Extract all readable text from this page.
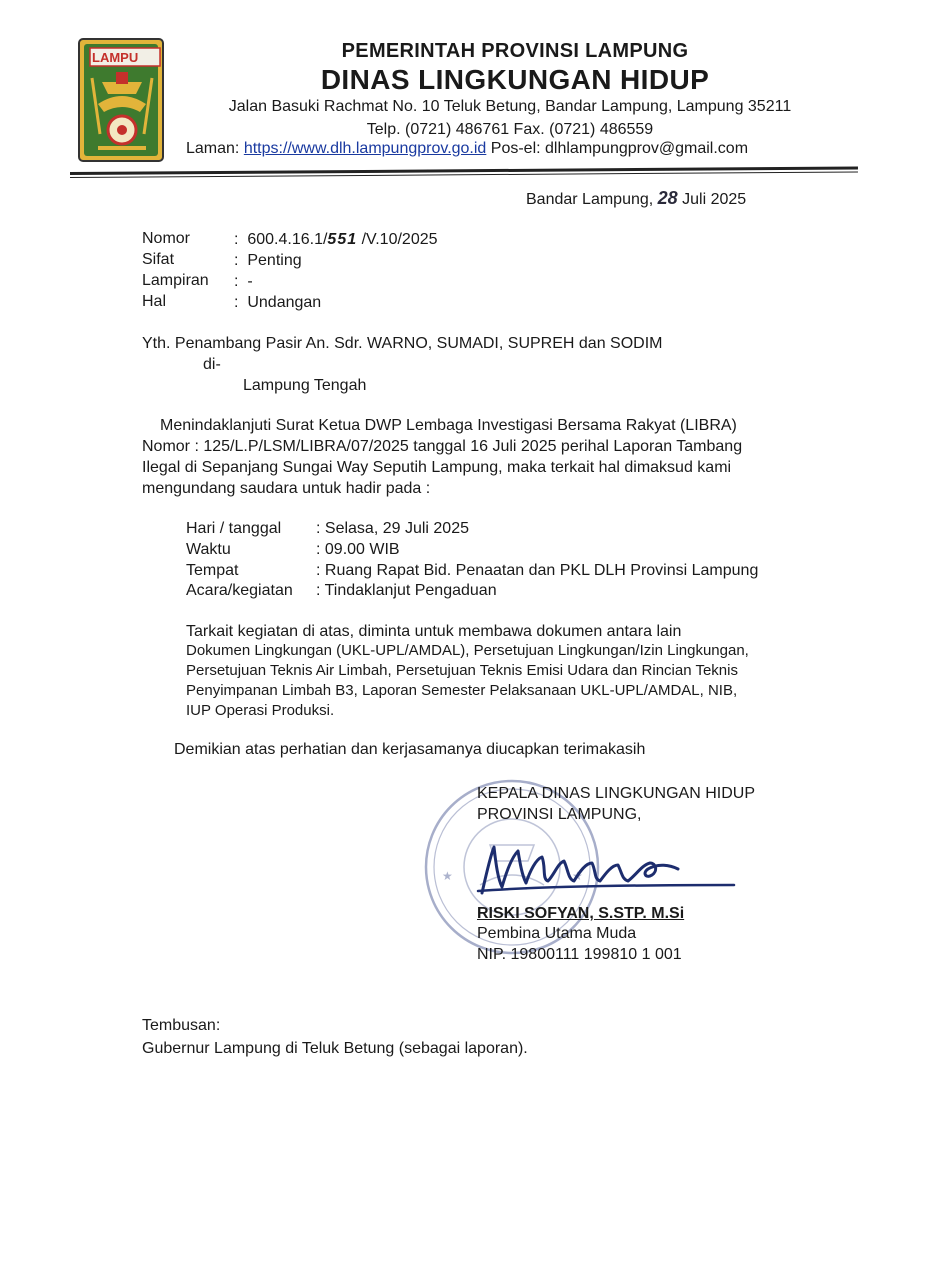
LAMPU	PEMERINTAH PROVINSI LAMPUNG
DINAS LINGKUNGAN HIDUP
Jalan Basuki Rachmat No. 10 Teluk Betung, Bandar Lampung, Lampung 35211
Telp. (0721) 486761 Fax. (0721) 486559
Laman: https://www.dlh.lampungprov.go.id Pos-el: dlhlampungprov@gmail.com
Bandar Lampung, 28 Juli 2025
Nomor	: 600.4.16.1/551 /V.10/2025
Sifat	: Penting
Lampiran	: -
Hal	: Undangan
Yth. Penambang Pasir An. Sdr. WARNO, SUMADI, SUPREH dan SODIM
di-
Lampung Tengah
Menindaklanjuti Surat Ketua DWP Lembaga Investigasi Bersama Rakyat (LIBRA)
Nomor : 125/L.P/LSM/LIBRA/07/2025 tanggal 16 Juli 2025 perihal Laporan Tambang
Ilegal di Sepanjang Sungai Way Seputih Lampung, maka terkait hal dimaksud kami
mengundang saudara untuk hadir pada :
Hari / tanggal	: Selasa, 29 Juli 2025
Waktu	: 09.00 WIB
Tempat	: Ruang Rapat Bid. Penaatan dan PKL DLH Provinsi Lampung
Acara/kegiatan	: Tindaklanjut Pengaduan
Tarkait kegiatan di atas, diminta untuk membawa dokumen antara lain
Dokumen Lingkungan (UKL-UPL/AMDAL), Persetujuan Lingkungan/Izin Lingkungan,
Persetujuan Teknis Air Limbah, Persetujuan Teknis Emisi Udara dan Rincian Teknis
Penyimpanan Limbah B3, Laporan Semester Pelaksanaan UKL-UPL/AMDAL, NIB,
IUP Operasi Produksi.
Demikian atas perhatian dan kerjasamanya diucapkan terimakasih
★	★
KEPALA DINAS LINGKUNGAN HIDUP
PROVINSI LAMPUNG,
RISKI SOFYAN, S.STP. M.Si
Pembina Utama Muda
NIP. 19800111 199810 1 001
Tembusan:
Gubernur Lampung di Teluk Betung (sebagai laporan).
